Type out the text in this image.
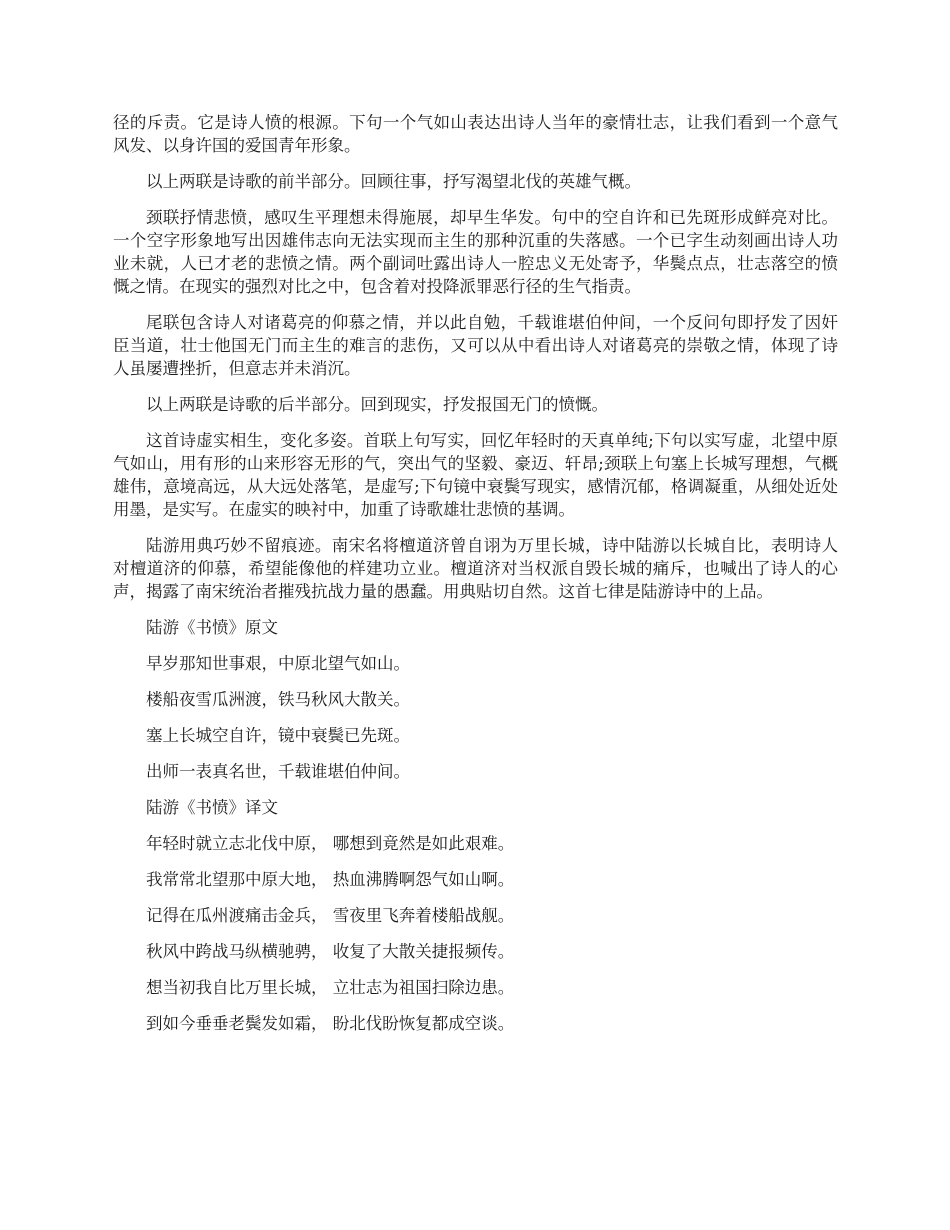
径的斥责。它是诗人愤的根源。下句一个气如山表达出诗人当年的豪情壮志，让我们看到一个意气风发、以身许国的爱国青年形象。

以上两联是诗歌的前半部分。回顾往事，抒写渴望北伐的英雄气概。

颈联抒情悲愤，感叹生平理想未得施展，却早生华发。句中的空自许和已先斑形成鲜亮对比。一个空字形象地写出因雄伟志向无法实现而主生的那种沉重的失落感。一个已字生动刻画出诗人功业未就，人已才老的悲愤之情。两个副词吐露出诗人一腔忠义无处寄予，华鬓点点，壮志落空的愤慨之情。在现实的强烈对比之中，包含着对投降派罪恶行径的生气指责。

尾联包含诗人对诸葛亮的仰慕之情，并以此自勉，千载谁堪伯仲间，一个反问句即抒发了因奸臣当道，壮士他国无门而主生的难言的悲伤，又可以从中看出诗人对诸葛亮的崇敬之情，体现了诗人虽屡遭挫折，但意志并未消沉。

以上两联是诗歌的后半部分。回到现实，抒发报国无门的愤慨。

这首诗虚实相生，变化多姿。首联上句写实，回忆年轻时的天真单纯;下句以实写虚，北望中原气如山，用有形的山来形容无形的气，突出气的坚毅、豪迈、轩昂;颈联上句塞上长城写理想，气概雄伟，意境高远，从大远处落笔，是虚写;下句镜中衰鬓写现实，感情沉郁，格调凝重，从细处近处用墨，是实写。在虚实的映衬中，加重了诗歌雄壮悲愤的基调。

陆游用典巧妙不留痕迹。南宋名将檀道济曾自诩为万里长城，诗中陆游以长城自比，表明诗人对檀道济的仰慕，希望能像他的样建功立业。檀道济对当权派自毁长城的痛斥，也喊出了诗人的心声，揭露了南宋统治者摧残抗战力量的愚蠢。用典贴切自然。这首七律是陆游诗中的上品。

陆游《书愤》原文

早岁那知世事艰，中原北望气如山。

楼船夜雪瓜洲渡，铁马秋风大散关。

塞上长城空自许，镜中衰鬓已先斑。

出师一表真名世，千载谁堪伯仲间。

陆游《书愤》译文

年轻时就立志北伐中原， 哪想到竟然是如此艰难。

我常常北望那中原大地， 热血沸腾啊怨气如山啊。

记得在瓜州渡痛击金兵， 雪夜里飞奔着楼船战舰。

秋风中跨战马纵横驰骋， 收复了大散关捷报频传。

想当初我自比万里长城， 立壮志为祖国扫除边患。

到如今垂垂老鬓发如霜， 盼北伐盼恢复都成空谈。
